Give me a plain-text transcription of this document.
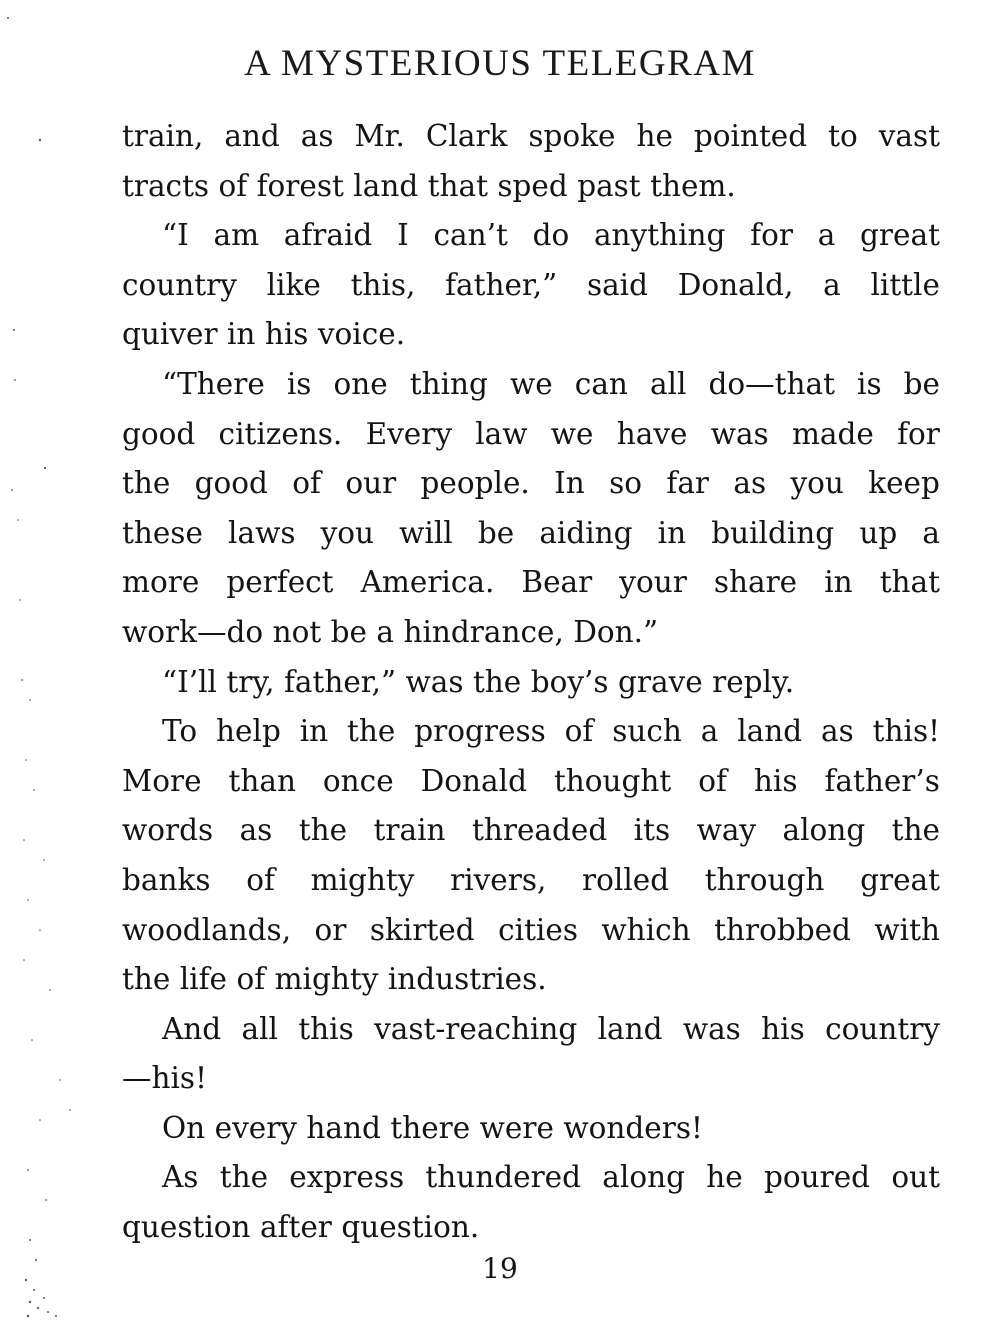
A MYSTERIOUS TELEGRAM
train, and as Mr. Clark spoke he pointed to vast
tracts of forest land that sped past them.
“I am afraid I can’t do anything for a great
country like this, father,” said Donald, a little
quiver in his voice.
“There is one thing we can all do—that is be
good citizens. Every law we have was made for
the good of our people. In so far as you keep
these laws you will be aiding in building up a
more perfect America. Bear your share in that
work—do not be a hindrance, Don.”
“I’ll try, father,” was the boy’s grave reply.
To help in the progress of such a land as this!
More than once Donald thought of his father’s
words as the train threaded its way along the
banks of mighty rivers, rolled through great
woodlands, or skirted cities which throbbed with
the life of mighty industries.
And all this vast-reaching land was his country
—his!
On every hand there were wonders!
As the express thundered along he poured out
question after question.
19
